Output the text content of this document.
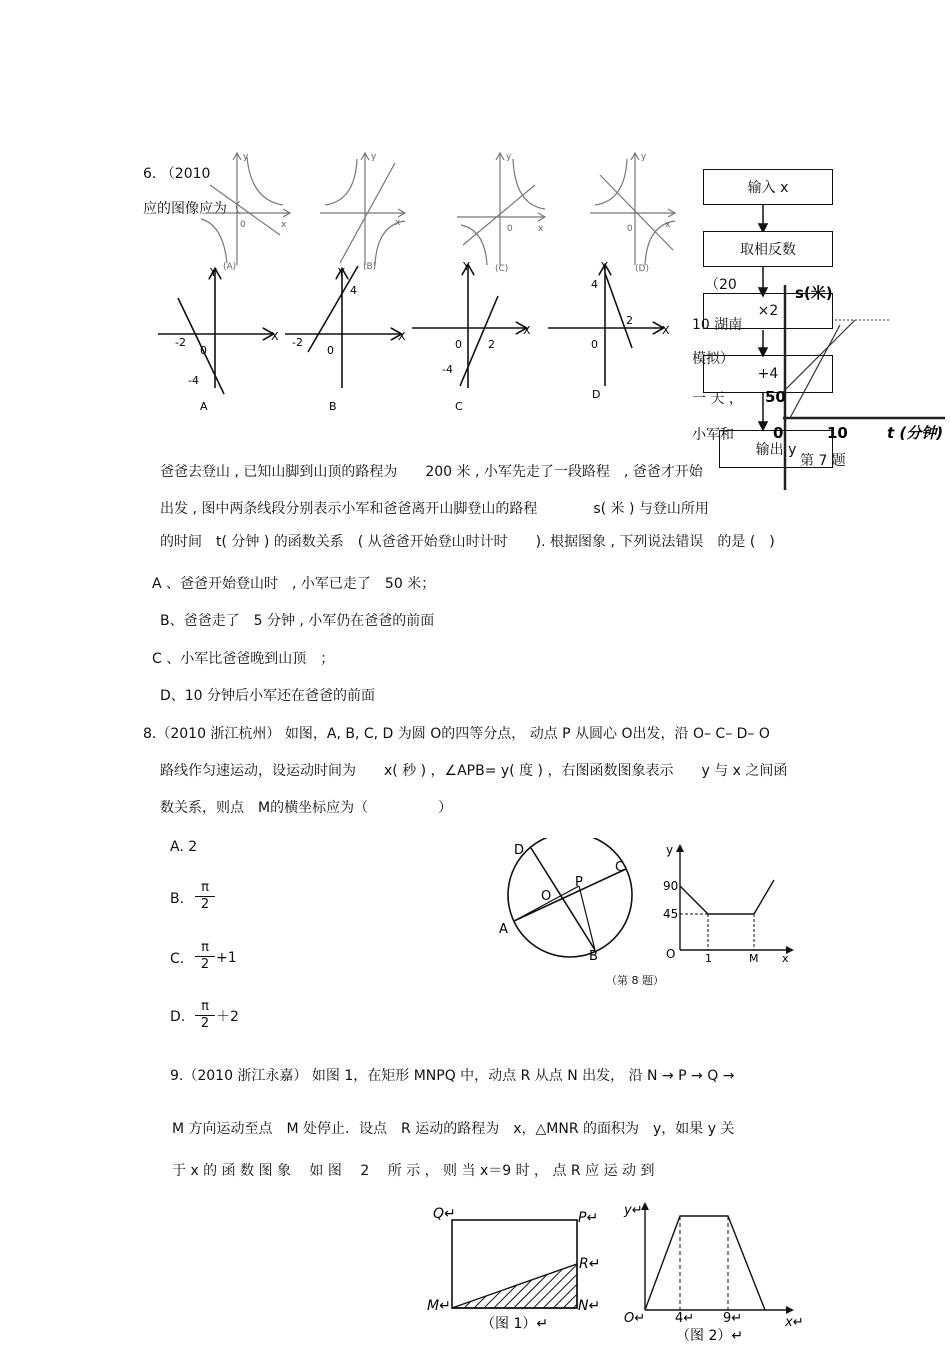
6. （2010
应的图像应为（
y
0	x
(A)
y
x
(B)
y
0	x
(C)
y
0	x
(D)
Y
X
-2
0
-4
A
Y
X
-2
4
0
B
Y
X
0 2
-4
C
Y
X
4
2
0
D
s(米)
50
0	10	t (分钟)
（20
10 湖南
模拟）
一 天 ，
小军和
第 7 题
输入 x
取相反数
×2
+4
输出 y
爸爸去登山 , 已知山脚到山顶的路程为　　200 米 , 小军先走了一段路程　, 爸爸才开始
出发 , 图中两条线段分别表示小军和爸爸离开山脚登山的路程　　　　s( 米 ) 与登山所用
的时间　t( 分钟 ) 的函数关系　( 从爸爸开始登山时计时　　). 根据图象 , 下列说法错误　的是 (　)
A 、爸爸开始登山时　, 小军已走了　50 米；
B、爸爸走了　5 分钟 , 小军仍在爸爸的前面
C 、小军比爸爸晚到山顶　；
D、10 分钟后小军还在爸爸的前面
8.（2010 浙江杭州） 如图，A, B, C, D 为圆 O的四等分点， 动点 P 从圆心 O出发，沿 O– C– D– O
路线作匀速运动，设运动时间为　　x( 秒 ) ，∠APB= y( 度 ) ，右图函数图象表示　　y 与 x 之间函
数关系，则点　M的横坐标应为（　　　　　）
A. 2
B. $\frac{\pi}{2}$
C. $\frac{\pi}{2} +1$
D. $\frac{\pi}{2} +2$
D
C
O
P
A
B
y
90
45
O	1	M x
（第 8 题）
9.（2010 浙江永嘉） 如图 1，在矩形 MNPQ 中，动点 R 从点 N 出发， 沿 N → P → Q →
M 方向运动至点　M 处停止．设点　R 运动的路程为　x，△MNR 的面积为　y，如果 y 关
于 x 的 函 数 图 象　 如 图　 2　 所 示 ， 则 当 x＝9 时 ， 点 R 应 运 动 到
Q↵	P↵
R↵
M↵	N↵
（图 1）↵
y↵
O↵ 4↵ 9↵	x↵
（图 2）↵
